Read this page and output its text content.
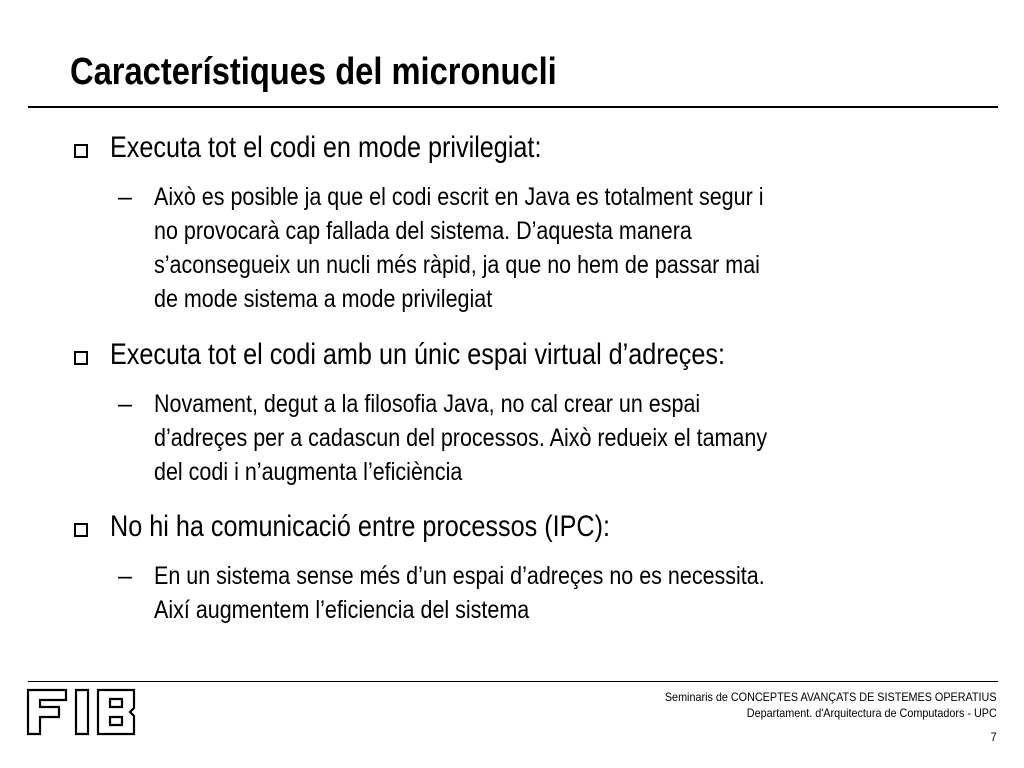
Característiques del micronucli
Executa tot el codi en mode privilegiat:
– Això es posible ja que el codi escrit en Java es totalment segur i
no provocarà cap fallada del sistema. D’aquesta manera
s’aconsegueix un nucli més ràpid, ja que no hem de passar mai
de mode sistema a mode privilegiat
Executa tot el codi amb un únic espai virtual d’adreçes:
– Novament, degut a la filosofia Java, no cal crear un espai
d’adreçes per a cadascun del processos. Això redueix el tamany
del codi i n’augmenta l’eficiència
No hi ha comunicació entre processos (IPC):
– En un sistema sense més d’un espai d’adreçes no es necessita.
Així augmentem l’eficiencia del sistema
Seminaris de CONCEPTES AVANÇATS DE SISTEMES OPERATIUS
Departament. d'Arquitectura de Computadors - UPC
7
